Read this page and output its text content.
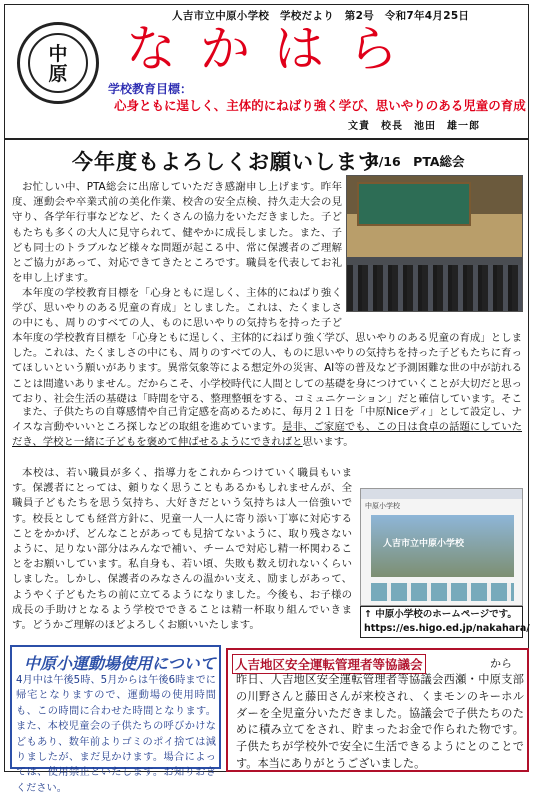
人吉市立中原小学校　学校だより　第2号　令和7年4月25日
中
原	なかはら
学校教育目標：
心身ともに逞しく、主体的にねばり強く学び、思いやりのある児童の育成
文責　校長　池田　雄一郎
今年度もよろしくお願いします
4/16　PTA総会
お忙しい中、PTA総会に出席していただき感謝申し上げます。昨年度、運動会や卒業式前の美化作業、校舎の安全点検、持久走大会の見守り、各学年行事などなど、たくさんの協力をいただきました。子どもたちも多くの大人に見守られて、健やかに成長しました。また、子ども同士のトラブルなど様々な問題が起こる中、常に保護者のご理解とご協力があって、対応できてきたところです。職員を代表してお礼を申し上げます。
本年度の学校教育目標を「心身ともに逞しく、主体的にねばり強く学び、思いやりのある児童の育成」としました。これは、たくましさの中にも、周りのすべての人、ものに思いやりの気持ちを持った子ど
本年度の学校教育目標を「心身ともに逞しく、主体的にねばり強く学び、思いやりのある児童の育成」としました。これは、たくましさの中にも、周りのすべての人、ものに思いやりの気持ちを持った子どもたちに育ってほしいという願いがあります。異常気象等による想定外の災害、AI等の普及など予測困難な世の中が訪れることは間違いありません。だからこそ、小学校時代に人間としての基礎を身につけていくことが大切だと思っており、社会生活の基礎は「時間を守る、整理整頓をする、コミュニケーション」だと確信しています。そこ
また、子供たちの自尊感情や自己肯定感を高めるために、毎月２１日を「中原Niceディ」として設定し、ナイスな言動やいいところ探しなどの取組を進めています。是非、ご家庭でも、この日は食卓の話題にしていただき、学校と一緒に子どもを褒めて伸ばせるようにできればと思います。
本校は、若い職員が多く、指導力をこれからつけていく職員もいます。保護者にとっては、頼りなく思うこともあるかもしれませんが、全職員子どもたちを思う気持ち、大好きだという気持ちは人一倍強いです。校長としても経営方針に、児童一人一人に寄り添い丁寧に対応することをかかげ、どんなことがあっても見捨てないように、取り残さないように、足りない部分はみんなで補い、チームで対応し精一杯関わることをお願いしています。私自身も、若い頃、失敗も数え切れないくらいしました。しかし、保護者のみなさんの温かい支え、励ましがあって、ようやく子どもたちの前に立てるようになりました。今後も、お子様の成長の手助けとなるよう学校でできることは精一杯取り組んでいきます。どうかご理解のほどよろしくお願いいたします。
中原小学校
人吉市立中原小学校
↑ 中原小学校のホームページです。
https://es.higo.ed.jp/nakahara/
中原小運動場使用について
4月中は午後5時、5月からは午後6時までに帰宅となりますので、運動場の使用時間も、この時間に合わせた時間となります。また、本校児童会の子供たちの呼びかけなどもあり、数年前よりゴミのポイ捨ては減りましたが、まだ見かけます。場合によっては、使用禁止といたします。お知りおきください。
人吉地区安全運転管理者等協議会	から
昨日、人吉地区安全運転管理者等協議会西瀬・中原支部の川野さんと藤田さんが来校され、くまモンのキーホルダーを全児童分いただきました。協議会で子供たちのために積み立てをされ、貯まったお金で作られた物です。子供たちが学校外で安全に生活できるようにとのことです。本当にありがとうございました。
